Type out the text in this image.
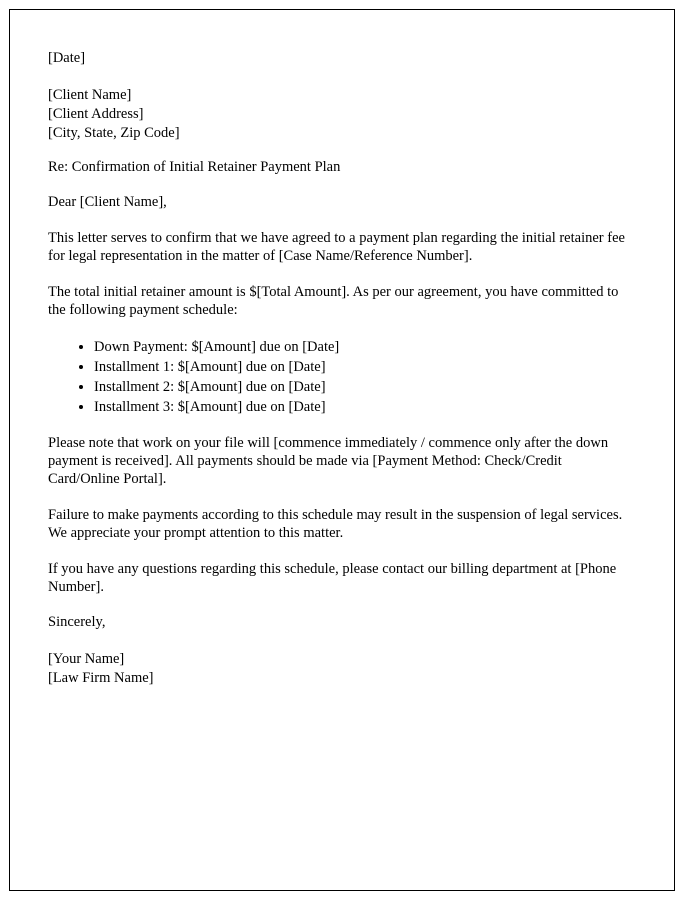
[Date]

[Client Name]

[Client Address]

[City, State, Zip Code]

Re: Confirmation of Initial Retainer Payment Plan

Dear [Client Name],

This letter serves to confirm that we have agreed to a payment plan regarding the initial retainer fee for legal representation in the matter of [Case Name/Reference Number].

The total initial retainer amount is $[Total Amount]. As per our agreement, you have committed to the following payment schedule:

• Down Payment: $[Amount] due on [Date]
• Installment 1: $[Amount] due on [Date]
• Installment 2: $[Amount] due on [Date]
• Installment 3: $[Amount] due on [Date]

Please note that work on your file will [commence immediately / commence only after the down payment is received]. All payments should be made via [Payment Method: Check/Credit Card/Online Portal].

Failure to make payments according to this schedule may result in the suspension of legal services. We appreciate your prompt attention to this matter.

If you have any questions regarding this schedule, please contact our billing department at [Phone Number].

Sincerely,

[Your Name]

[Law Firm Name]
